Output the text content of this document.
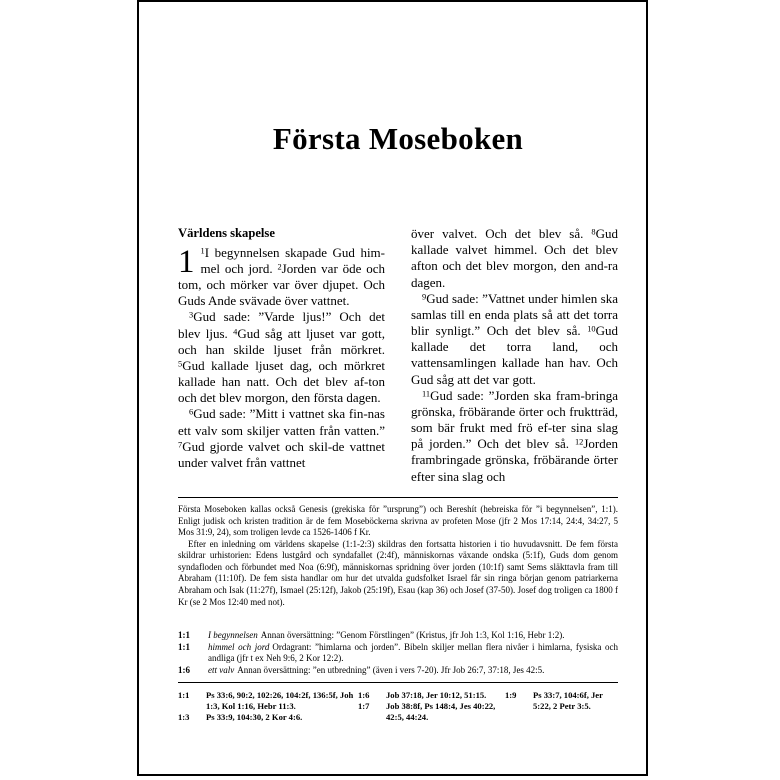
Första Moseboken
Världens skapelse

1 $^1$I begynnelsen skapade Gud him-mel och jord. $^2$Jorden var öde och tom, och mörker var över djupet. Och Guds Ande svävade över vattnet.

$^3$Gud sade: ”Varde ljus!” Och det blev ljus. $^4$Gud såg att ljuset var gott, och han skilde ljuset från mörkret. $^5$Gud kallade ljuset dag, och mörkret kallade han natt. Och det blev af-ton och det blev morgon, den första dagen.

$^6$Gud sade: ”Mitt i vattnet ska fin-nas ett valv som skiljer vatten från vatten.” $^7$Gud gjorde valvet och skil-de vattnet under valvet från vattnet

över valvet. Och det blev så. $^8$Gud kallade valvet himmel. Och det blev afton och det blev morgon, den and-ra dagen.

$^9$Gud sade: ”Vattnet under himlen ska samlas till en enda plats så att det torra blir synligt.” Och det blev så. $^{10}$Gud kallade det torra land, och vattensamlingen kallade han hav. Och Gud såg att det var gott.

$^{11}$Gud sade: ”Jorden ska fram-bringa grönska, fröbärande örter och fruktträd, som bär frukt med frö ef-ter sina slag på jorden.” Och det blev så. $^{12}$Jorden frambringade grönska, fröbärande örter efter sina slag och

Första Moseboken kallas också Genesis (grekiska för ”ursprung”) och Bereshít (hebreiska för ”i begynnelsen”, 1:1). Enligt judisk och kristen tradition är de fem Moseböckerna skrivna av profeten Mose (jfr 2 Mos 17:14, 24:4, 34:27, 5 Mos 31:9, 24), som troligen levde ca 1526-1406 f Kr.

Efter en inledning om världens skapelse (1:1-2:3) skildras den fortsatta historien i tio huvudavsnitt. De fem första skildrar urhistorien: Edens lustgård och syndafallet (2:4f), människornas växande ondska (5:1f), Guds dom genom syndafloden och förbundet med Noa (6:9f), människornas spridning över jorden (10:1f) samt Sems släkttavla fram till Abraham (11:10f). De fem sista handlar om hur det utvalda gudsfolket Israel får sin ringa början genom patriarkerna Abraham och Isak (11:27f), Ismael (25:12f), Jakob (25:19f), Esau (kap 36) och Josef (37-50). Josef dog troligen ca 1800 f Kr (se 2 Mos 12:40 med not).

1:1	I begynnelsen Annan översättning: ”Genom Förstlingen” (Kristus, jfr Joh 1:3, Kol 1:16, Hebr 1:2).
1:1	himmel och jord Ordagrant: ”himlarna och jorden”. Bibeln skiljer mellan flera nivåer i himlarna, fysiska och andliga (jfr t ex Neh 9:6, 2 Kor 12:2).
1:6	ett valv Annan översättning: ”en utbredning” (även i vers 7-20). Jfr Job 26:7, 37:18, Jes 42:5.
1:1	Ps 33:6, 90:2, 102:26, 104:2f, 136:5f, Joh 1:3, Kol 1:16, Hebr 11:3.
1:3	Ps 33:9, 104:30, 2 Kor 4:6.
1:6	Job 37:18, Jer 10:12, 51:15.
1:7	Job 38:8f, Ps 148:4, Jes 40:22, 42:5, 44:24.
1:9	Ps 33:7, 104:6f, Jer 5:22, 2 Petr 3:5.
